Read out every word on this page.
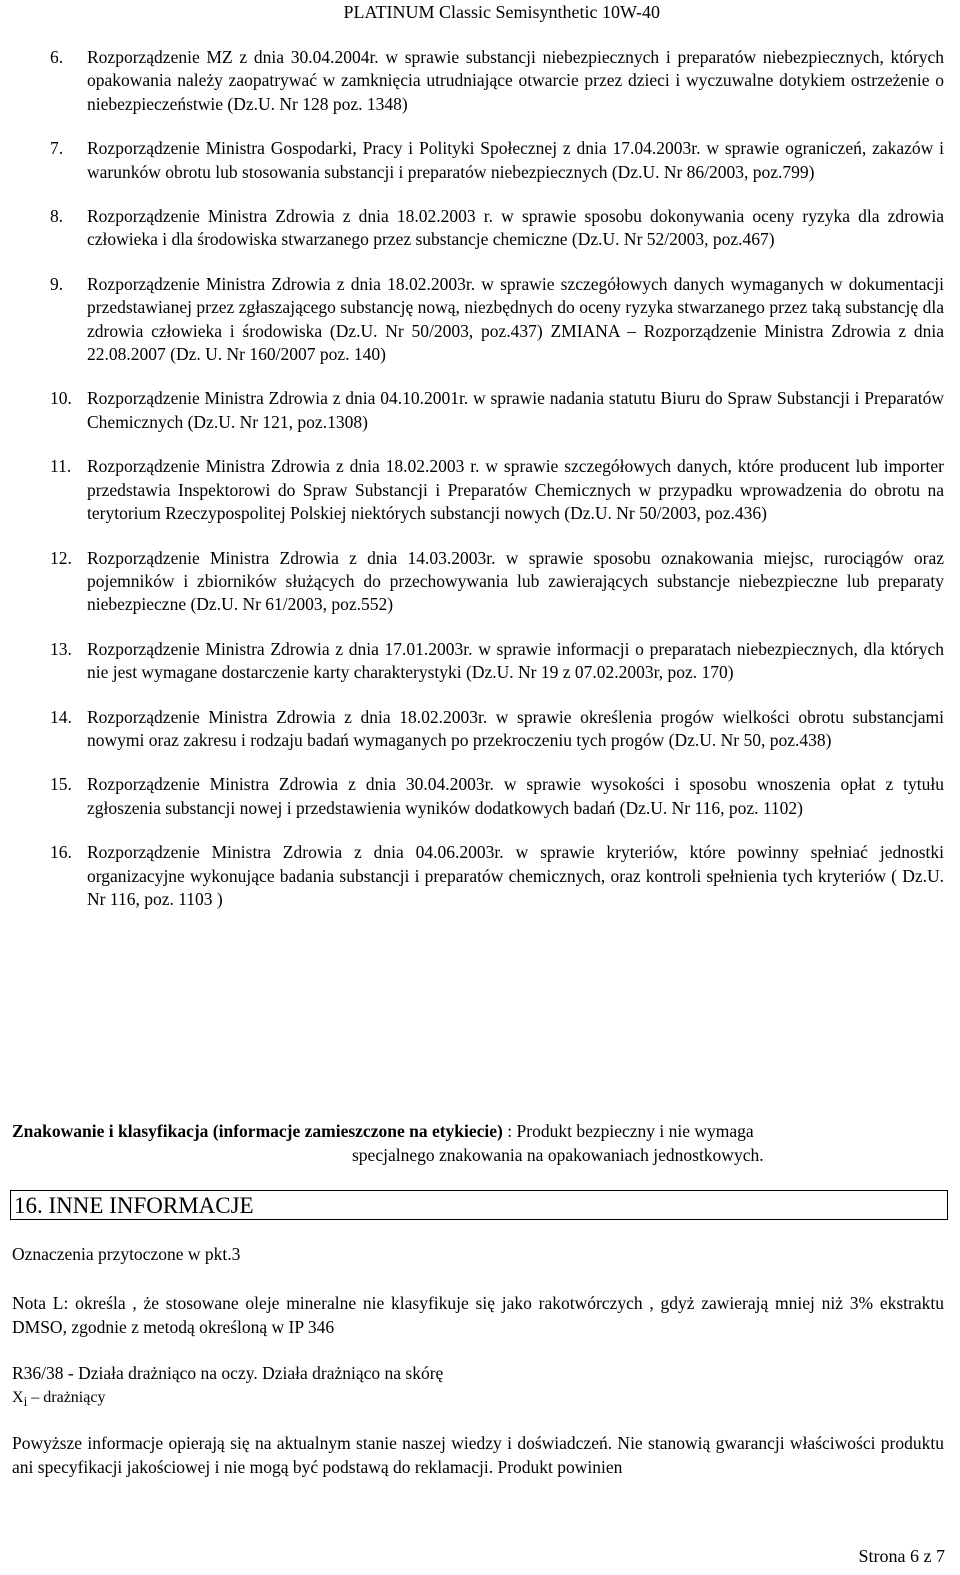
PLATINUM Classic Semisynthetic 10W-40
6. Rozporządzenie MZ z dnia 30.04.2004r. w sprawie substancji niebezpiecznych i preparatów niebezpiecznych, których opakowania należy zaopatrywać w zamknięcia utrudniające otwarcie przez dzieci i wyczuwalne dotykiem ostrzeżenie o niebezpieczeństwie (Dz.U. Nr 128 poz. 1348)
7. Rozporządzenie Ministra Gospodarki, Pracy i Polityki Społecznej z dnia 17.04.2003r. w sprawie ograniczeń, zakazów i warunków obrotu lub stosowania substancji i preparatów niebezpiecznych (Dz.U. Nr 86/2003, poz.799)
8. Rozporządzenie Ministra Zdrowia z dnia 18.02.2003 r. w sprawie sposobu dokonywania oceny ryzyka dla zdrowia człowieka i dla środowiska stwarzanego przez substancje chemiczne (Dz.U. Nr 52/2003, poz.467)
9. Rozporządzenie Ministra Zdrowia z dnia 18.02.2003r. w sprawie szczegółowych danych wymaganych w dokumentacji przedstawianej przez zgłaszającego substancję nową, niezbędnych do oceny ryzyka stwarzanego przez taką substancję dla zdrowia człowieka i środowiska (Dz.U. Nr 50/2003, poz.437) ZMIANA – Rozporządzenie Ministra Zdrowia z dnia 22.08.2007 (Dz. U. Nr 160/2007 poz. 140)
10. Rozporządzenie Ministra Zdrowia z dnia 04.10.2001r. w sprawie nadania statutu Biuru do Spraw Substancji i Preparatów Chemicznych (Dz.U. Nr 121, poz.1308)
11. Rozporządzenie Ministra Zdrowia z dnia 18.02.2003 r. w sprawie szczegółowych danych, które producent lub importer przedstawia Inspektorowi do Spraw Substancji i Preparatów Chemicznych w przypadku wprowadzenia do obrotu na terytorium Rzeczypospolitej Polskiej niektórych substancji nowych (Dz.U. Nr 50/2003, poz.436)
12. Rozporządzenie Ministra Zdrowia z dnia 14.03.2003r. w sprawie sposobu oznakowania miejsc, rurociągów oraz pojemników i zbiorników służących do przechowywania lub zawierających substancje niebezpieczne lub preparaty niebezpieczne (Dz.U. Nr 61/2003, poz.552)
13. Rozporządzenie Ministra Zdrowia z dnia 17.01.2003r. w sprawie informacji o preparatach niebezpiecznych, dla których nie jest wymagane dostarczenie karty charakterystyki (Dz.U. Nr 19 z 07.02.2003r, poz. 170)
14. Rozporządzenie Ministra Zdrowia z dnia 18.02.2003r. w sprawie określenia progów wielkości obrotu substancjami nowymi oraz zakresu i rodzaju badań wymaganych po przekroczeniu tych progów (Dz.U. Nr 50, poz.438)
15. Rozporządzenie Ministra Zdrowia z dnia 30.04.2003r. w sprawie wysokości i sposobu wnoszenia opłat z tytułu zgłoszenia substancji nowej i przedstawienia wyników dodatkowych badań (Dz.U. Nr 116, poz. 1102)
16. Rozporządzenie Ministra Zdrowia z dnia 04.06.2003r. w sprawie kryteriów, które powinny spełniać jednostki organizacyjne wykonujące badania substancji i preparatów chemicznych, oraz kontroli spełnienia tych kryteriów ( Dz.U. Nr 116, poz. 1103 )
Znakowanie i klasyfikacja (informacje zamieszczone na etykiecie) : Produkt bezpieczny i nie wymaga
specjalnego znakowania na opakowaniach jednostkowych.
16. INNE INFORMACJE
Oznaczenia przytoczone w pkt.3
Nota L: określa , że stosowane oleje mineralne nie klasyfikuje się jako rakotwórczych , gdyż zawierają mniej niż 3% ekstraktu DMSO, zgodnie z metodą określoną w IP 346
R36/38 - Działa drażniąco na oczy. Działa drażniąco na skórę
$X_i$ – drażniący
Powyższe informacje opierają się na aktualnym stanie naszej wiedzy i doświadczeń. Nie stanowią gwarancji właściwości produktu ani specyfikacji jakościowej i nie mogą być podstawą do reklamacji. Produkt powinien
Strona 6 z 7
